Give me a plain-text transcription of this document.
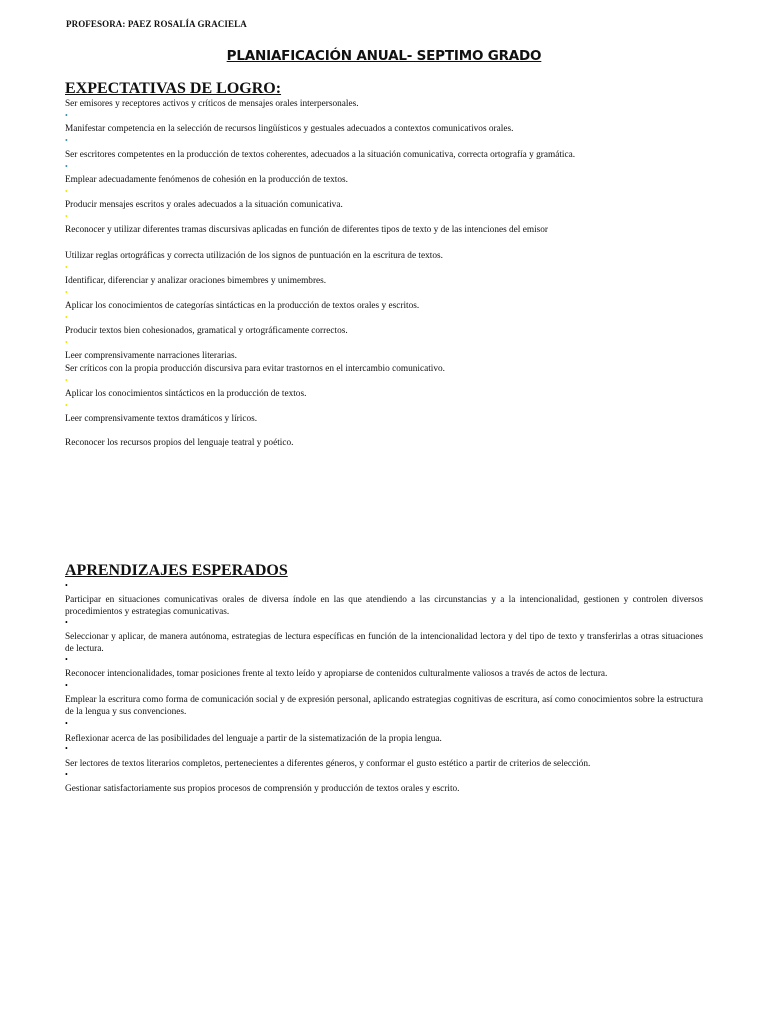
PROFESORA: PAEZ ROSALÍA GRACIELA
PLANIAFICACIÓN ANUAL- SEPTIMO GRADO
EXPECTATIVAS DE LOGRO:
Ser emisores y receptores activos y críticos de mensajes orales interpersonales.
•
Manifestar competencia en la selección de recursos lingüísticos y gestuales adecuados a contextos comunicativos orales.
•
Ser escritores competentes en la producción de textos coherentes, adecuados a la situación comunicativa, correcta ortografía y gramática.
•
Emplear adecuadamente fenómenos de cohesión en la producción de textos.
•
Producir mensajes escritos y orales adecuados a la situación comunicativa.
•
Reconocer y utilizar diferentes tramas discursivas aplicadas en función de diferentes tipos de texto y de las intenciones del emisor
Utilizar reglas ortográficas y correcta utilización de los signos de puntuación en la escritura de textos.
•
Identificar, diferenciar y analizar oraciones bimembres y unimembres.
•
Aplicar los conocimientos de categorías sintácticas en la producción de textos orales y escritos.
•
Producir textos bien cohesionados, gramatical y ortográficamente correctos.
•
Leer comprensivamente narraciones literarias.
Ser críticos con la propia producción discursiva para evitar trastornos en el intercambio comunicativo.
•
Aplicar los conocimientos sintácticos en la producción de textos.
•
Leer comprensivamente textos dramáticos y líricos.
Reconocer los recursos propios del lenguaje teatral y poético.
APRENDIZAJES ESPERADOS
•
Participar en situaciones comunicativas orales de diversa índole en las que atendiendo a las circunstancias y a la intencionalidad, gestionen y controlen diversos procedimientos y estrategias comunicativas.
•
Seleccionar y aplicar, de manera autónoma, estrategias de lectura específicas en función de la intencionalidad lectora y del tipo de texto y transferirlas a otras situaciones de lectura.
•
Reconocer intencionalidades, tomar posiciones frente al texto leído y apropiarse de contenidos culturalmente valiosos a través de actos de lectura.
•
Emplear la escritura como forma de comunicación social y de expresión personal, aplicando estrategias cognitivas de escritura, así como conocimientos sobre la estructura de la lengua y sus convenciones.
•
Reflexionar acerca de las posibilidades del lenguaje a partir de la sistematización de la propia lengua.
•
Ser lectores de textos literarios completos, pertenecientes a diferentes géneros, y conformar el gusto estético a partir de criterios de selección.
•
Gestionar satisfactoriamente sus propios procesos de comprensión y producción de textos orales y escrito.
